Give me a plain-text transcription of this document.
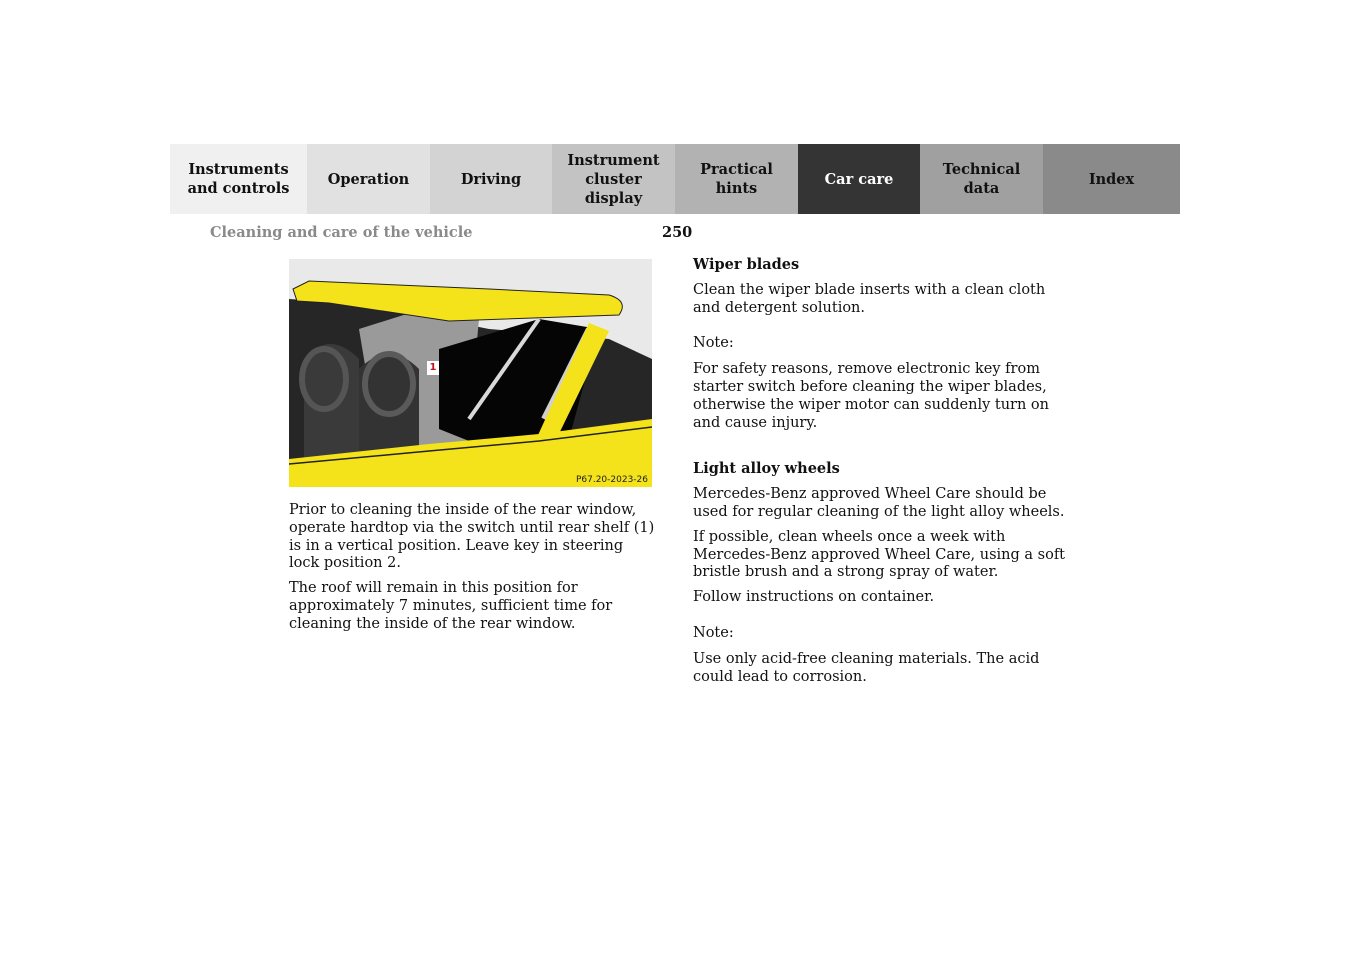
Instruments
and controls
Operation	Driving
Instrument
cluster display
Practical hints
Car care
Technical
data
Index
Cleaning and care of the vehicle	250
1
P67.20-2023-26

Prior to cleaning the inside of the rear window, operate hardtop via the switch until rear shelf (1) is in a vertical position. Leave key in steering lock position 2.

The roof will remain in this position for approximately 7 minutes, sufficient time for cleaning the inside of the rear window.

Wiper blades

Clean the wiper blade inserts with a clean cloth and detergent solution.

Note:

For safety reasons, remove electronic key from starter switch before cleaning the wiper blades, otherwise the wiper motor can suddenly turn on and cause injury.

Light alloy wheels

Mercedes-Benz approved Wheel Care should be used for regular cleaning of the light alloy wheels.

If possible, clean wheels once a week with Mercedes-Benz approved Wheel Care, using a soft bristle brush and a strong spray of water.

Follow instructions on container.

Note:

Use only acid-free cleaning materials. The acid could lead to corrosion.
